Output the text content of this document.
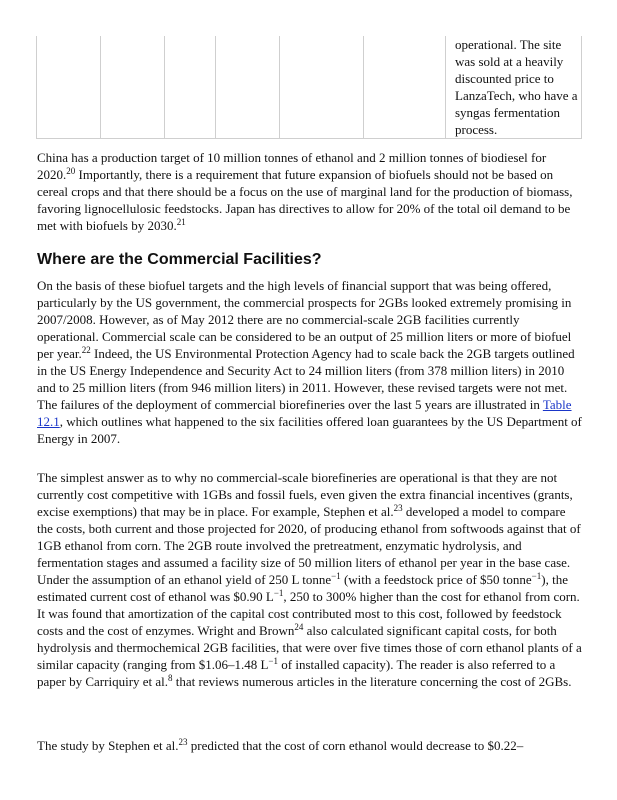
operational. The site was sold at a heavily discounted price to LanzaTech, who have a syngas fermentation process.

China has a production target of 10 million tonnes of ethanol and 2 million tonnes of biodiesel for 2020.20 Importantly, there is a requirement that future expansion of biofuels should not be based on cereal crops and that there should be a focus on the use of marginal land for the production of biomass, favoring lignocellulosic feedstocks. Japan has directives to allow for 20% of the total oil demand to be met with biofuels by 2030.21

Where are the Commercial Facilities?

On the basis of these biofuel targets and the high levels of financial support that was being offered, particularly by the US government, the commercial prospects for 2GBs looked extremely promising in 2007/2008. However, as of May 2012 there are no commercial-scale 2GB facilities currently operational. Commercial scale can be considered to be an output of 25 million liters or more of biofuel per year.$^{22}$ Indeed, the US Environmental Protection Agency had to scale back the 2GB targets outlined in the US Energy Independence and Security Act to 24 million liters (from 378 million liters) in 2010 and to 25 million liters (from 946 million liters) in 2011. However, these revised targets were not met. The failures of the deployment of commercial biorefineries over the last 5 years are illustrated in Table 12.1, which outlines what happened to the six facilities offered loan guarantees by the US Department of Energy in 2007.

The simplest answer as to why no commercial-scale biorefineries are operational is that they are not currently cost competitive with 1GBs and fossil fuels, even given the extra financial incentives (grants, excise exemptions) that may be in place. For example, Stephen et al.$^{23}$ developed a model to compare the costs, both current and those projected for 2020, of producing ethanol from softwoods against that of 1GB ethanol from corn. The 2GB route involved the pretreatment, enzymatic hydrolysis, and fermentation stages and assumed a facility size of 50 million liters of ethanol per year in the base case. Under the assumption of an ethanol yield of 250 L tonne$^{-1}$ (with a feedstock price of $50 tonne$^{-1}$), the estimated current cost of ethanol was $0.90 $L^{-1}$, 250 to 300% higher than the cost for ethanol from corn. It was found that amortization of the capital cost contributed most to this cost, followed by feedstock costs and the cost of enzymes. Wright and Brown$^{24}$ also calculated significant capital costs, for both hydrolysis and thermochemical 2GB facilities, that were over five times those of corn ethanol plants of a similar capacity (ranging from $1.06–1.48 $L^{-1}$ of installed capacity). The reader is also referred to a paper by Carriquiry et al.$^8$ that reviews numerous articles in the literature concerning the cost of 2GBs.

The study by Stephen et al.$^{23}$ predicted that the cost of corn ethanol would decrease to $0.22–
